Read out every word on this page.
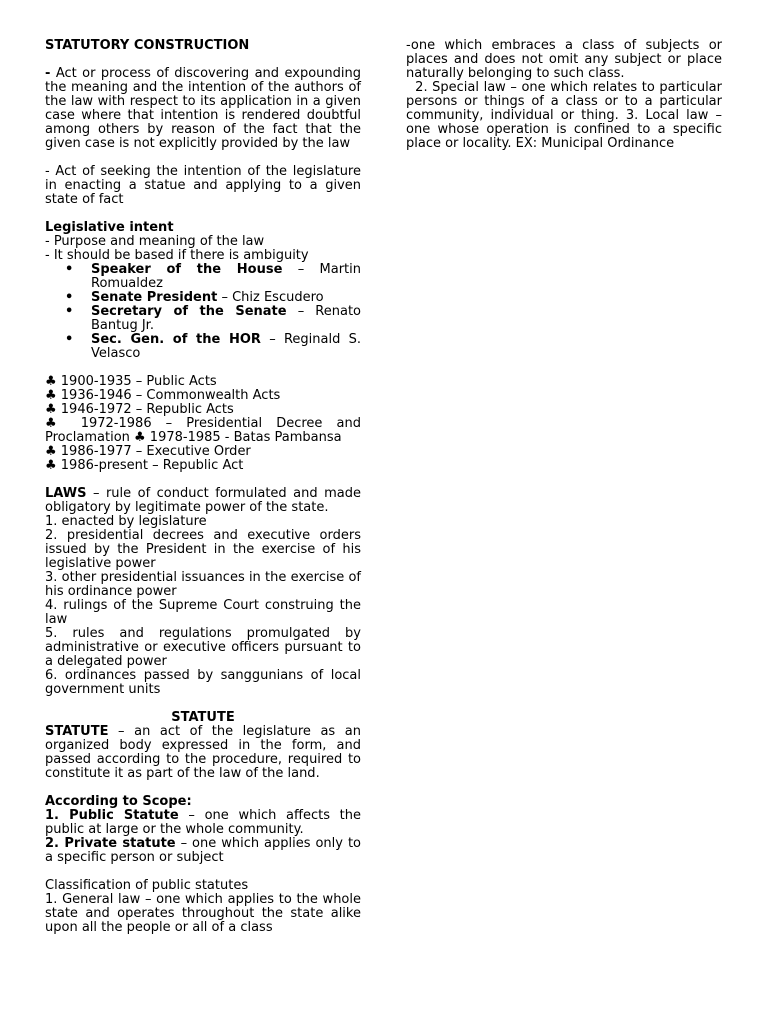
STATUTORY CONSTRUCTION

- Act or process of discovering and expounding the meaning and the intention of the authors of the law with respect to its application in a given case where that intention is rendered doubtful among others by reason of the fact that the given case is not explicitly provided by the law

- Act of seeking the intention of the legislature in enacting a statue and applying to a given state of fact

Legislative intent

- Purpose and meaning of the law

- It should be based if there is ambiguity

• Speaker of the House – Martin Romualdez
• Senate President – Chiz Escudero
• Secretary of the Senate – Renato Bantug Jr.
• Sec. Gen. of the HOR – Reginald S. Velasco

♣ 1900-1935 – Public Acts

♣ 1936-1946 – Commonwealth Acts

♣ 1946-1972 – Republic Acts

♣ 1972-1986 – Presidential Decree and Proclamation ♣ 1978-1985 - Batas Pambansa

♣ 1986-1977 – Executive Order

♣ 1986-present – Republic Act

LAWS – rule of conduct formulated and made obligatory by legitimate power of the state.

1. enacted by legislature

2. presidential decrees and executive orders issued by the President in the exercise of his legislative power

3. other presidential issuances in the exercise of his ordinance power

4. rulings of the Supreme Court construing the law

5. rules and regulations promulgated by administrative or executive officers pursuant to a delegated power

6. ordinances passed by sanggunians of local government units

STATUTE

STATUTE – an act of the legislature as an organized body expressed in the form, and passed according to the procedure, required to constitute it as part of the law of the land.

According to Scope:

1. Public Statute – one which affects the public at large or the whole community.

2. Private statute – one which applies only to a specific person or subject

Classification of public statutes

1. General law – one which applies to the whole state and operates throughout the state alike upon all the people or all of a class

-one which embraces a class of subjects or places and does not omit any subject or place naturally belonging to such class.

2. Special law – one which relates to particular persons or things of a class or to a particular community, individual or thing. 3. Local law – one whose operation is confined to a specific place or locality. EX: Municipal Ordinance
